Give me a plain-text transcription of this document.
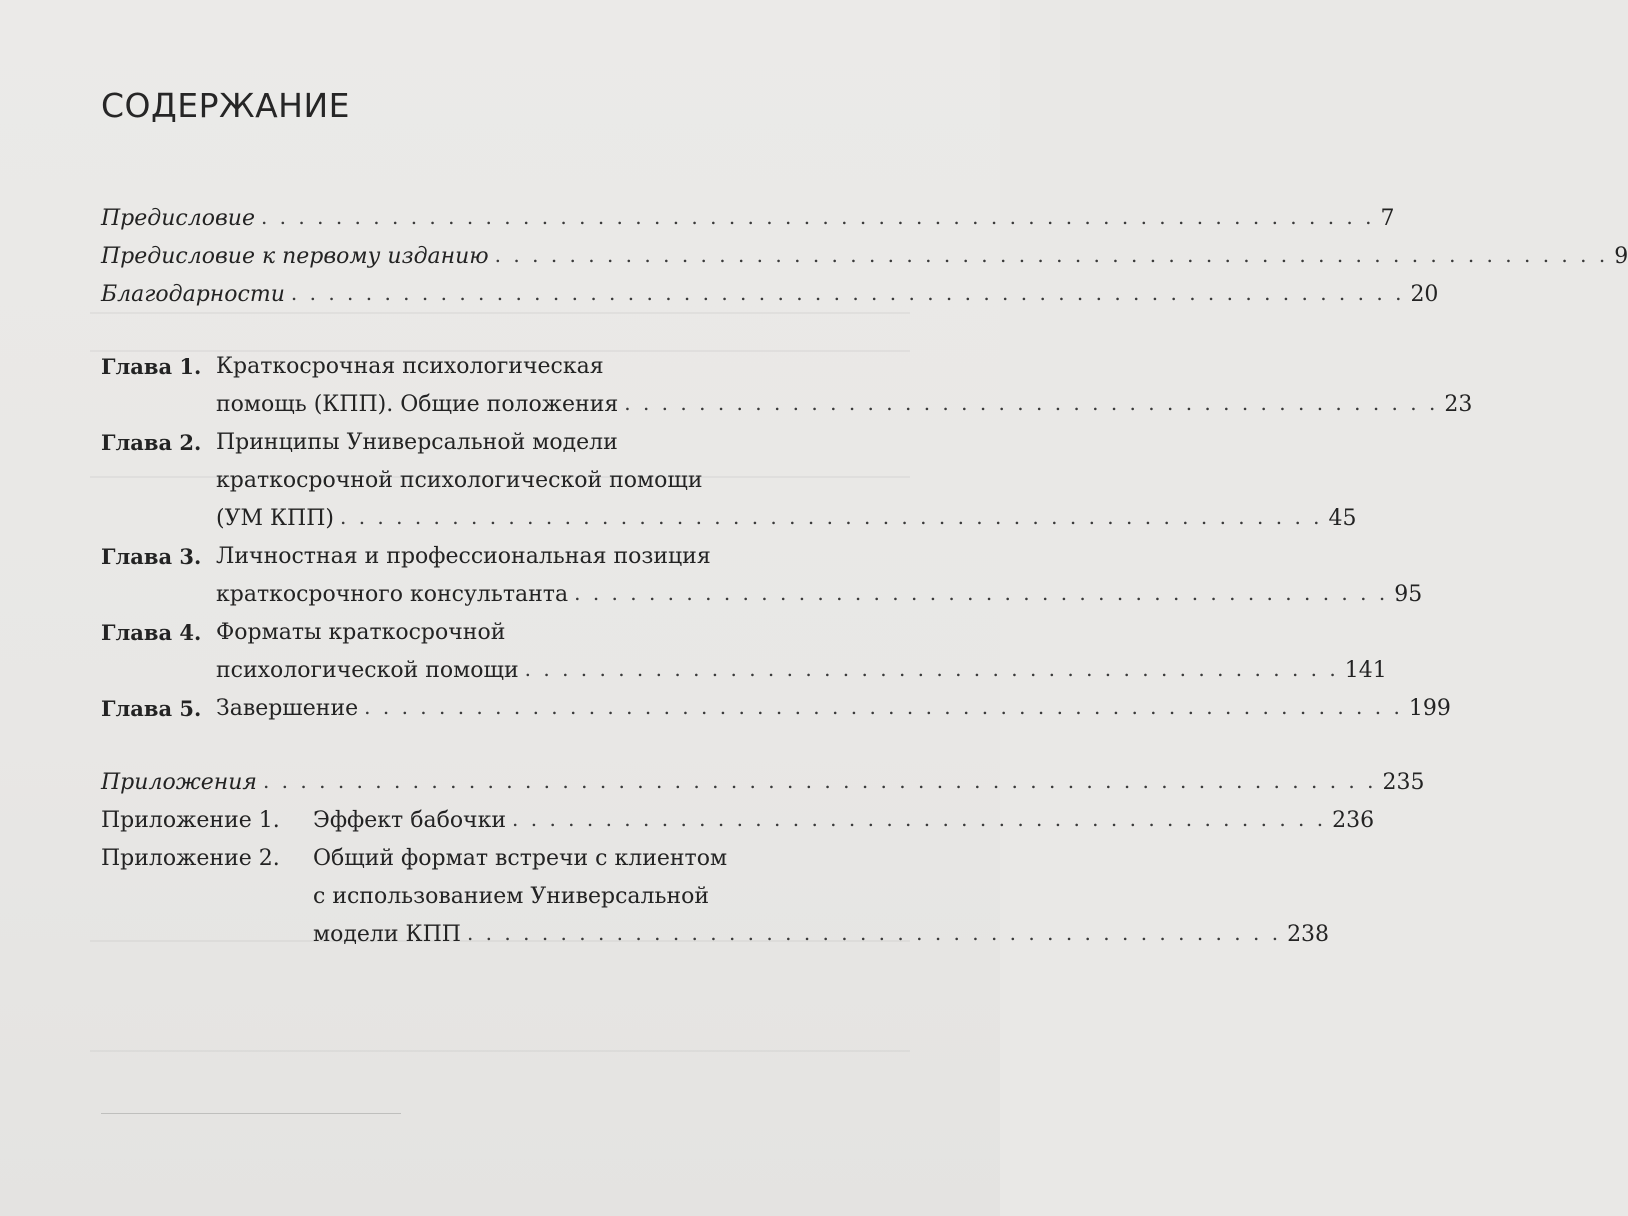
СОДЕРЖАНИЕ
Предисловие . . . . . . . . . . . . . . . . . . . . . . . . . . . . . . . . . . . . . . . . . . . . . . . . . . . . . . . . . . . . 7
Предисловие к первому изданию . . . . . . . . . . . . . . . . . . . . . . . . . . . . . . . . . . . . . . . . . . . . . . . . . . . . . . . . . . . . 9
Благодарности . . . . . . . . . . . . . . . . . . . . . . . . . . . . . . . . . . . . . . . . . . . . . . . . . . . . . . . . . . . . 20
Глава 1. Краткосрочная психологическая
помощь (КПП). Общие положения . . . . . . . . . . . . . . . . . . . . . . . . . . . . . . . . . . . . . . . . . . . . 23
Глава 2. Принципы Универсальной модели
краткосрочной психологической помощи
(УМ КПП) . . . . . . . . . . . . . . . . . . . . . . . . . . . . . . . . . . . . . . . . . . . . . . . . . . . . . 45
Глава 3. Личностная и профессиональная позиция
краткосрочного консультанта . . . . . . . . . . . . . . . . . . . . . . . . . . . . . . . . . . . . . . . . . . . . 95
Глава 4. Форматы краткосрочной
психологической помощи . . . . . . . . . . . . . . . . . . . . . . . . . . . . . . . . . . . . . . . . . . . . 141
Глава 5. Завершение . . . . . . . . . . . . . . . . . . . . . . . . . . . . . . . . . . . . . . . . . . . . . . . . . . . . . . . . 199
Приложения . . . . . . . . . . . . . . . . . . . . . . . . . . . . . . . . . . . . . . . . . . . . . . . . . . . . . . . . . . . . 235
Приложение 1. Эффект бабочки . . . . . . . . . . . . . . . . . . . . . . . . . . . . . . . . . . . . . . . . . . . . 236
Приложение 2. Общий формат встречи с клиентом
с использованием Универсальной
модели КПП . . . . . . . . . . . . . . . . . . . . . . . . . . . . . . . . . . . . . . . . . . . . 238
